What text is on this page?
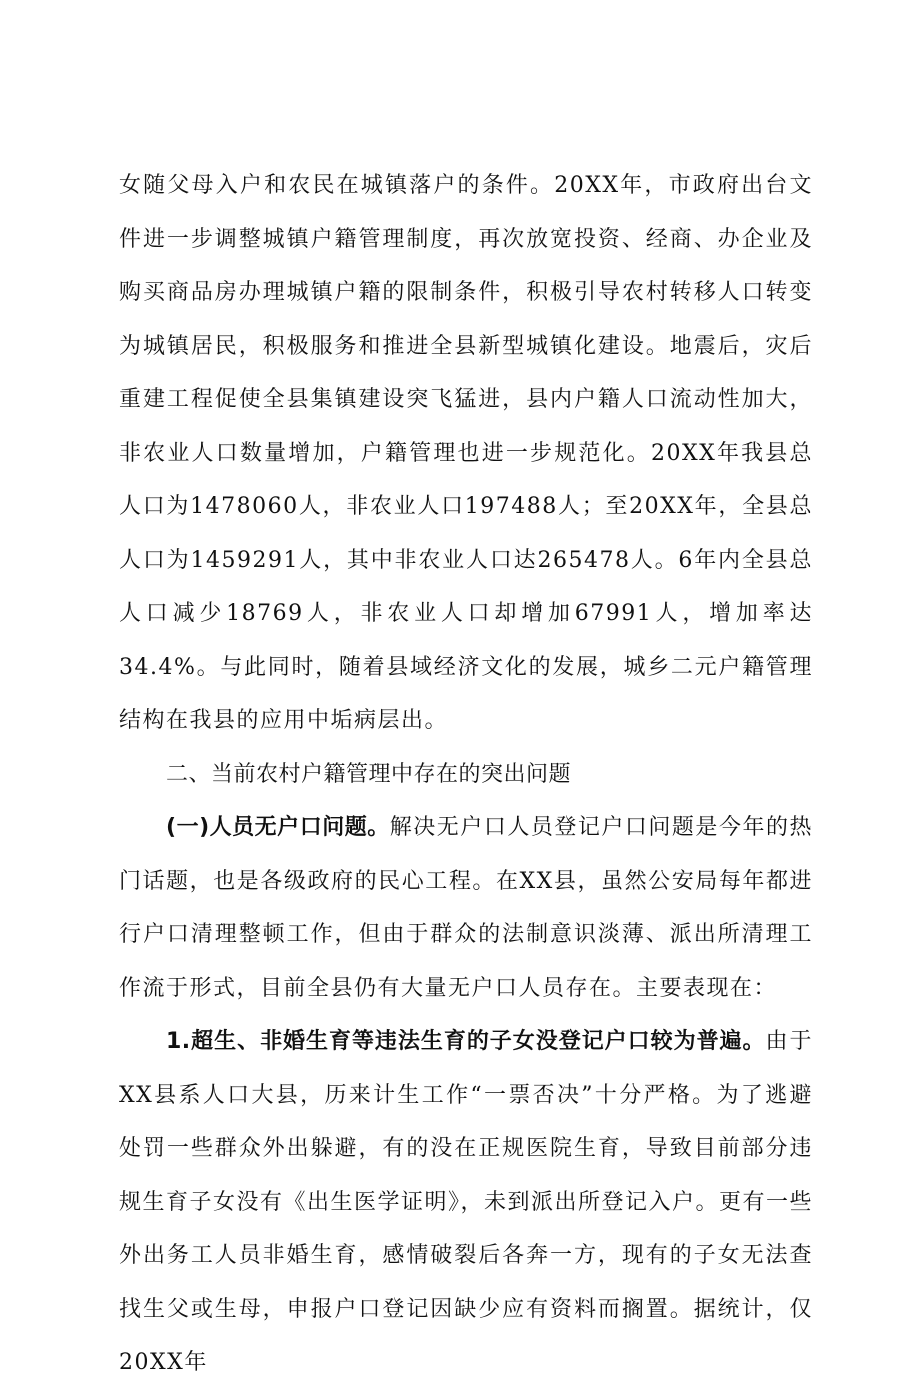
女随父母入户和农民在城镇落户的条件。20XX年，市政府出台文件进一步调整城镇户籍管理制度，再次放宽投资、经商、办企业及购买商品房办理城镇户籍的限制条件，积极引导农村转移人口转变为城镇居民，积极服务和推进全县新型城镇化建设。地震后，灾后重建工程促使全县集镇建设突飞猛进，县内户籍人口流动性加大，非农业人口数量增加，户籍管理也进一步规范化。20XX年我县总人口为1478060人，非农业人口197488人；至20XX年，全县总人口为1459291人，其中非农业人口达265478人。6年内全县总人口减少18769人，非农业人口却增加67991人，增加率达34.4%。与此同时，随着县域经济文化的发展，城乡二元户籍管理结构在我县的应用中垢病层出。

二、当前农村户籍管理中存在的突出问题

(一)人员无户口问题。解决无户口人员登记户口问题是今年的热门话题，也是各级政府的民心工程。在XX县，虽然公安局每年都进行户口清理整顿工作，但由于群众的法制意识淡薄、派出所清理工作流于形式，目前全县仍有大量无户口人员存在。主要表现在：

1.超生、非婚生育等违法生育的子女没登记户口较为普遍。由于XX县系人口大县，历来计生工作“一票否决”十分严格。为了逃避处罚一些群众外出躲避，有的没在正规医院生育，导致目前部分违规生育子女没有《出生医学证明》，未到派出所登记入户。更有一些外出务工人员非婚生育，感情破裂后各奔一方，现有的子女无法查找生父或生母，申报户口登记因缺少应有资料而搁置。据统计，仅20XX年
